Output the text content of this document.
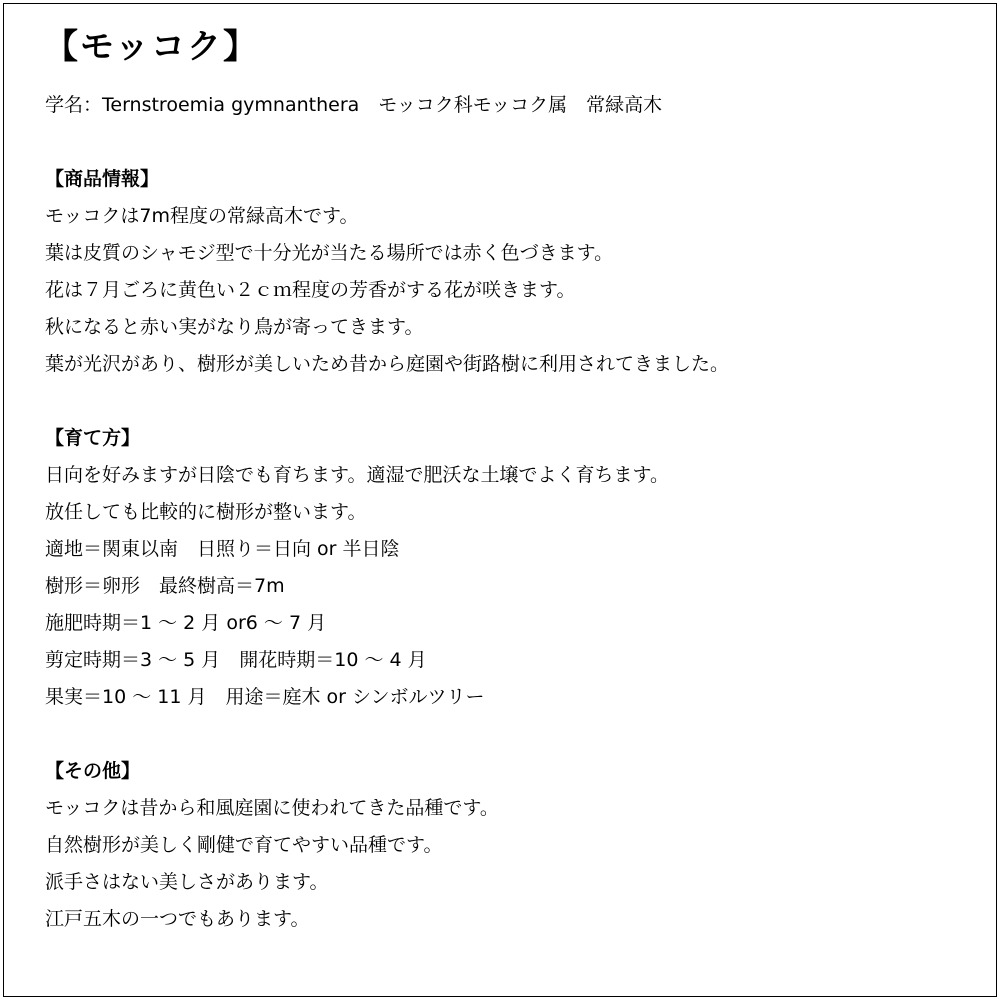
【モッコク】
学名：Ternstroemia gymnanthera　モッコク科モッコク属　常緑高木
【商品情報】
モッコクは7m程度の常緑高木です。
葉は皮質のシャモジ型で十分光が当たる場所では赤く色づきます。
花は７月ごろに黄色い２ｃｍ程度の芳香がする花が咲きます。
秋になると赤い実がなり鳥が寄ってきます。
葉が光沢があり、樹形が美しいため昔から庭園や街路樹に利用されてきました。
【育て方】
日向を好みますが日陰でも育ちます。適湿で肥沃な土壌でよく育ちます。
放任しても比較的に樹形が整います。
適地＝関東以南　日照り＝日向 or 半日陰
樹形＝卵形　最終樹高＝7m
施肥時期＝1 ～ 2 月 or6 ～ 7 月
剪定時期＝3 ～ 5 月　開花時期＝10 ～ 4 月
果実＝10 ～ 11 月　用途＝庭木 or シンボルツリー
【その他】
モッコクは昔から和風庭園に使われてきた品種です。
自然樹形が美しく剛健で育てやすい品種です。
派手さはない美しさがあります。
江戸五木の一つでもあります。
